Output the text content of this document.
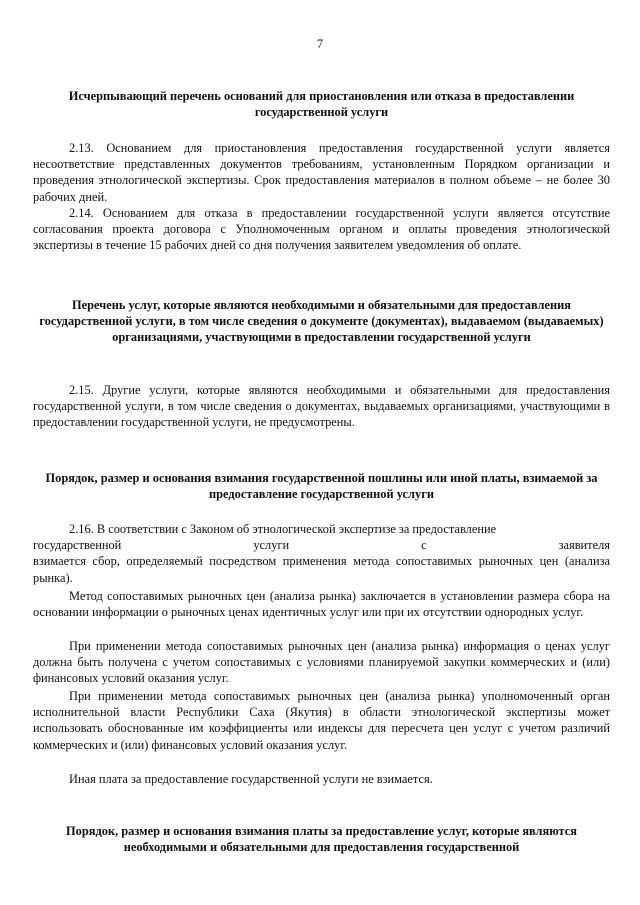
7
Исчерпывающий перечень оснований для приостановления или отказа в предоставлении государственной услуги
2.13. Основанием для приостановления предоставления государственной услуги является несоответствие представленных документов требованиям, установленным Порядком организации и проведения этнологической экспертизы. Срок предоставления материалов в полном объеме – не более 30 рабочих дней.
2.14. Основанием для отказа в предоставлении государственной услуги является отсутствие согласования проекта договора с Уполномоченным органом и оплаты проведения этнологической экспертизы в течение 15 рабочих дней со дня получения заявителем уведомления об оплате.
Перечень услуг, которые являются необходимыми и обязательными для предоставления государственной услуги, в том числе сведения о документе (документах), выдаваемом (выдаваемых) организациями, участвующими в предоставлении государственной услуги
2.15. Другие услуги, которые являются необходимыми и обязательными для предоставления государственной услуги, в том числе сведения о документах, выдаваемых организациями, участвующими в предоставлении государственной услуги, не предусмотрены.
Порядок, размер и основания взимания государственной пошлины или иной платы, взимаемой за предоставление государственной услуги
2.16. В соответствии с Законом об этнологической экспертизе за предоставление
государственной	услуги	с	заявителя
взимается сбор, определяемый посредством применения метода сопоставимых рыночных цен (анализа рынка).
Метод сопоставимых рыночных цен (анализа рынка) заключается в установлении размера сбора на основании информации о рыночных ценах идентичных услуг или при их отсутствии однородных услуг.
При применении метода сопоставимых рыночных цен (анализа рынка) информация о ценах услуг должна быть получена с учетом сопоставимых с условиями планируемой закупки коммерческих и (или) финансовых условий оказания услуг.
При применении метода сопоставимых рыночных цен (анализа рынка) уполномоченный орган исполнительной власти Республики Саха (Якутия) в области этнологической экспертизы может использовать обоснованные им коэффициенты или индексы для пересчета цен услуг с учетом различий коммерческих и (или) финансовых условий оказания услуг.
Иная плата за предоставление государственной услуги не взимается.
Порядок, размер и основания взимания платы за предоставление услуг, которые являются необходимыми и обязательными для предоставления государственной
